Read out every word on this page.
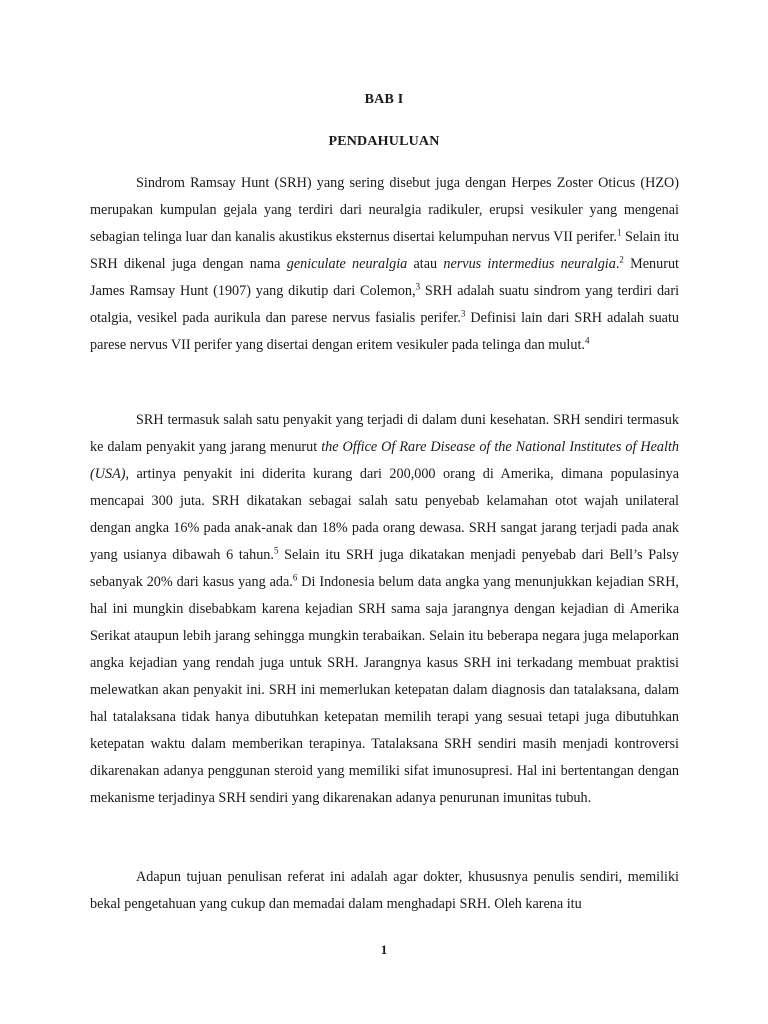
BAB I
PENDAHULUAN

Sindrom Ramsay Hunt (SRH) yang sering disebut juga dengan Herpes Zoster Oticus (HZO) merupakan kumpulan gejala yang terdiri dari neuralgia radikuler, erupsi vesikuler yang mengenai sebagian telinga luar dan kanalis akustikus eksternus disertai kelumpuhan nervus VII perifer.$^1$ Selain itu SRH dikenal juga dengan nama geniculate neuralgia atau nervus intermedius neuralgia.$^2$ Menurut James Ramsay Hunt (1907) yang dikutip dari Colemon,$^3$ SRH adalah suatu sindrom yang terdiri dari otalgia, vesikel pada aurikula dan parese nervus fasialis perifer.$^3$ Definisi lain dari SRH adalah suatu parese nervus VII perifer yang disertai dengan eritem vesikuler pada telinga dan mulut.$^4$

SRH termasuk salah satu penyakit yang terjadi di dalam duni kesehatan. SRH sendiri termasuk ke dalam penyakit yang jarang menurut the Office Of Rare Disease of the National Institutes of Health (USA), artinya penyakit ini diderita kurang dari 200,000 orang di Amerika, dimana populasinya mencapai 300 juta. SRH dikatakan sebagai salah satu penyebab kelamahan otot wajah unilateral dengan angka 16% pada anak-anak dan 18% pada orang dewasa. SRH sangat jarang terjadi pada anak yang usianya dibawah 6 tahun.$^5$ Selain itu SRH juga dikatakan menjadi penyebab dari Bell’s Palsy sebanyak 20% dari kasus yang ada.$^6$ Di Indonesia belum data angka yang menunjukkan kejadian SRH, hal ini mungkin disebabkam karena kejadian SRH sama saja jarangnya dengan kejadian di Amerika Serikat ataupun lebih jarang sehingga mungkin terabaikan. Selain itu beberapa negara juga melaporkan angka kejadian yang rendah juga untuk SRH. Jarangnya kasus SRH ini terkadang membuat praktisi melewatkan akan penyakit ini. SRH ini memerlukan ketepatan dalam diagnosis dan tatalaksana, dalam hal tatalaksana tidak hanya dibutuhkan ketepatan memilih terapi yang sesuai tetapi juga dibutuhkan ketepatan waktu dalam memberikan terapinya. Tatalaksana SRH sendiri masih menjadi kontroversi dikarenakan adanya penggunan steroid yang memiliki sifat imunosupresi. Hal ini bertentangan dengan mekanisme terjadinya SRH sendiri yang dikarenakan adanya penurunan imunitas tubuh.

Adapun tujuan penulisan referat ini adalah agar dokter, khususnya penulis sendiri, memiliki bekal pengetahuan yang cukup dan memadai dalam menghadapi SRH. Oleh karena itu

1
